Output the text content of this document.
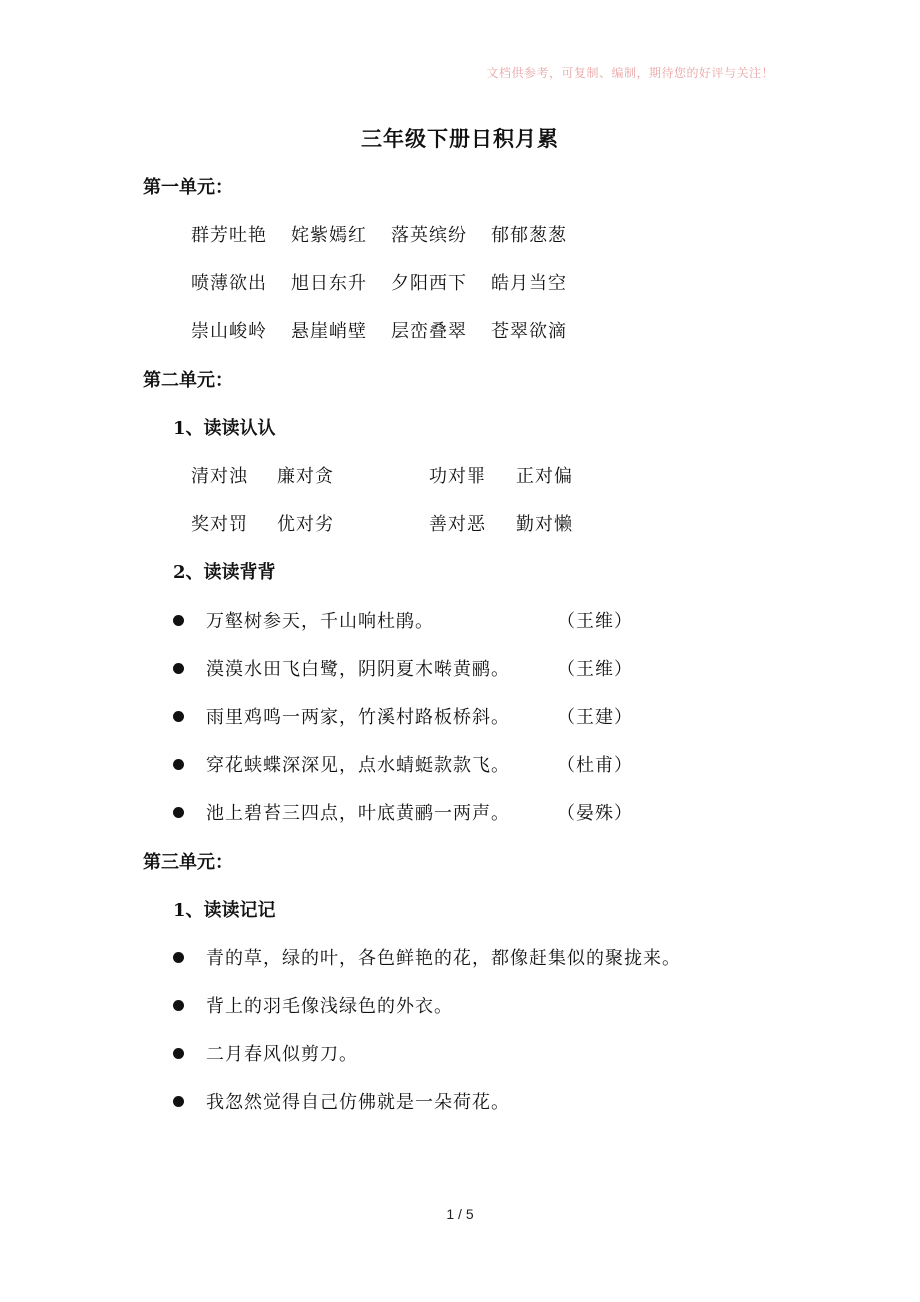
文档供参考，可复制、编制，期待您的好评与关注！
三年级下册日积月累
第一单元：
群芳吐艳 姹紫嫣红 落英缤纷 郁郁葱葱
喷薄欲出 旭日东升 夕阳西下 皓月当空
崇山峻岭 悬崖峭壁 层峦叠翠 苍翠欲滴
第二单元：
1、读读认认
清对浊 廉对贪	功对罪 正对偏
奖对罚 优对劣	善对恶 勤对懒
2、读读背背
万壑树参天，千山响杜鹃。	（王维）
漠漠水田飞白鹭，阴阴夏木啭黄鹂。	（王维）
雨里鸡鸣一两家，竹溪村路板桥斜。	（王建）
穿花蛱蝶深深见，点水蜻蜓款款飞。	（杜甫）
池上碧苔三四点，叶底黄鹂一两声。	（晏殊）
第三单元：
1、读读记记
青的草，绿的叶，各色鲜艳的花，都像赶集似的聚拢来。
背上的羽毛像浅绿色的外衣。
二月春风似剪刀。
我忽然觉得自己仿佛就是一朵荷花。
1 / 5
